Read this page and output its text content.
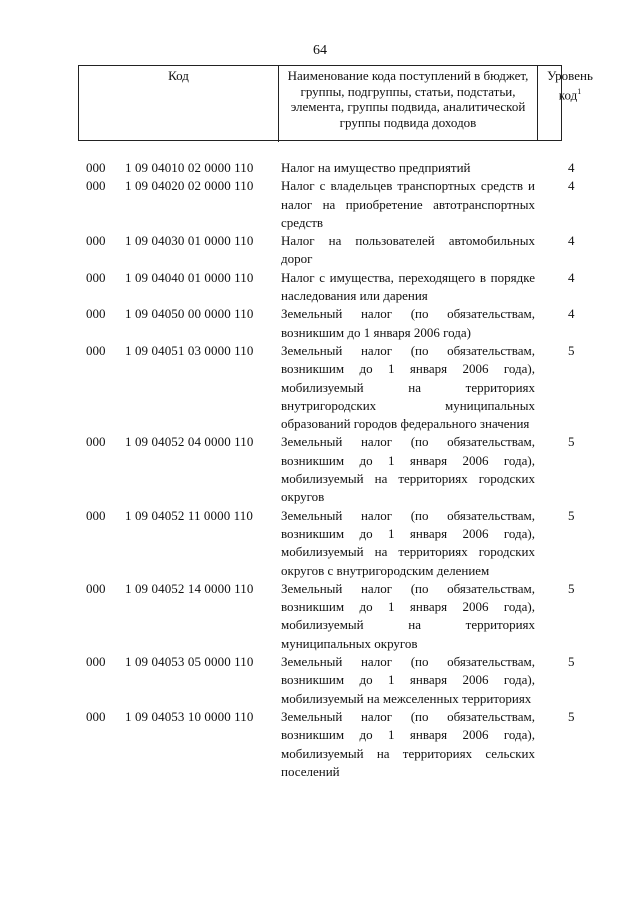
64
Код	Наименование кода поступлений в бюджет, группы, подгруппы, статьи, подстатьи, элемента, группы подвида, аналитической группы подвида доходов
Уровень код$^1$
000 1 09 04010 02 0000 110 Налог на имущество предприятий	4
000 1 09 04020 02 0000 110 Налог с владельцев транспортных средств и налог на приобретение автотранспортных средств
4
000 1 09 04030 01 0000 110 Налог на пользователей автомобильных дорог
4
000 1 09 04040 01 0000 110 Налог с имущества, переходящего в порядке наследования или дарения
4
000 1 09 04050 00 0000 110 Земельный налог (по обязательствам, возникшим до 1 января 2006 года)
4
000 1 09 04051 03 0000 110 Земельный налог (по обязательствам, возникшим до 1 января 2006 года), мобилизуемый на территориях внутригородских муниципальных образований городов федерального значения
5
000 1 09 04052 04 0000 110 Земельный налог (по обязательствам, возникшим до 1 января 2006 года), мобилизуемый на территориях городских округов
5
000 1 09 04052 11 0000 110 Земельный налог (по обязательствам, возникшим до 1 января 2006 года), мобилизуемый на территориях городских округов с внутригородским делением
5
000 1 09 04052 14 0000 110 Земельный налог (по обязательствам, возникшим до 1 января 2006 года), мобилизуемый на территориях муниципальных округов
5
000 1 09 04053 05 0000 110 Земельный налог (по обязательствам, возникшим до 1 января 2006 года), мобилизуемый на межселенных территориях
5
000 1 09 04053 10 0000 110 Земельный налог (по обязательствам, возникшим до 1 января 2006 года), мобилизуемый на территориях сельских поселений
5
